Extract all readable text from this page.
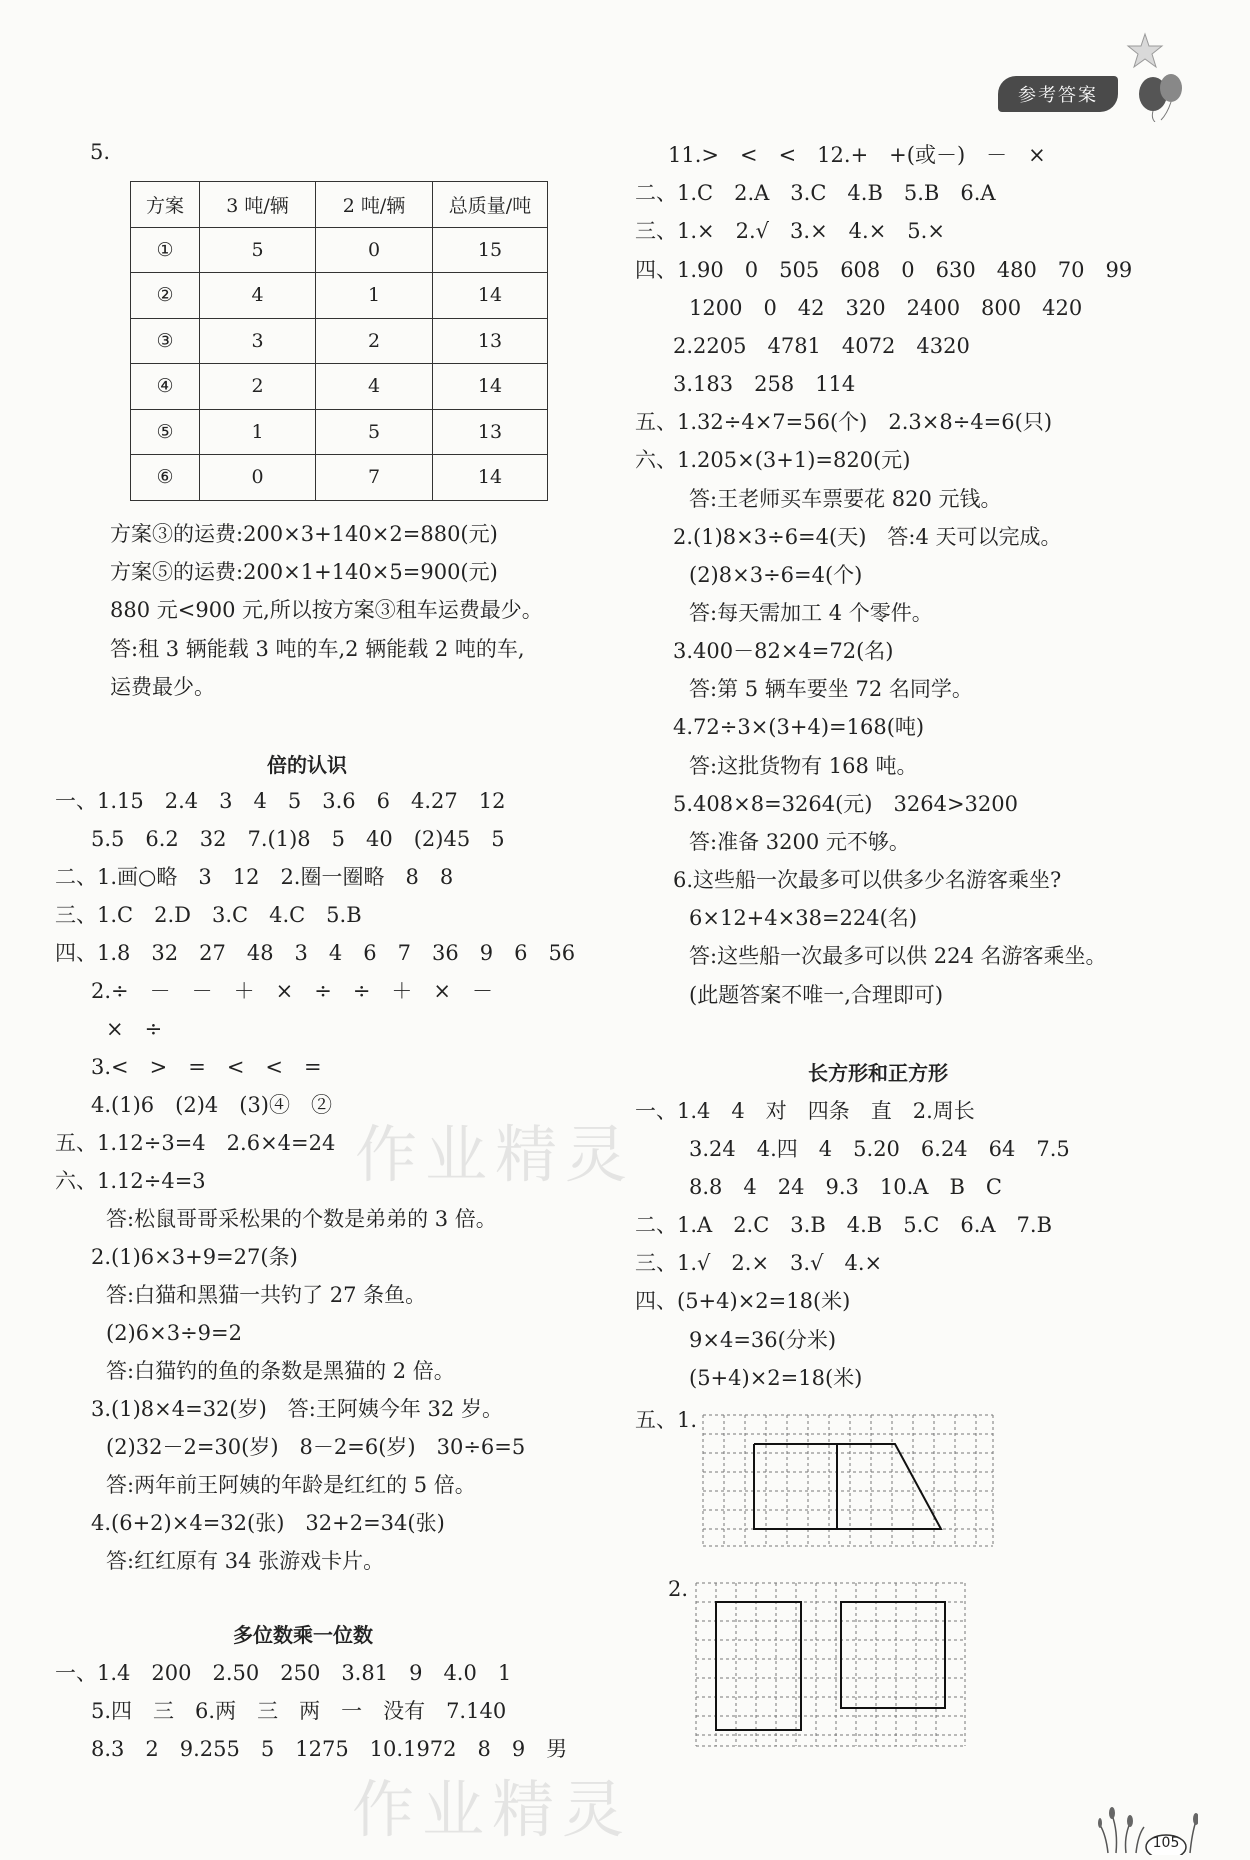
参考答案
作业精灵
作业精灵
5.
方案	3 吨/辆	2 吨/辆	总质量/吨
①	5	0	15
②	4	1	14
③	3	2	13
④	2	4	14
⑤	1	5	13
⑥	0	7	14
方案③的运费:200×3+140×2=880(元)
方案⑤的运费:200×1+140×5=900(元)
880 元<900 元,所以按方案③租车运费最少。
答:租 3 辆能载 3 吨的车,2 辆能载 2 吨的车,
运费最少。
倍的认识
一、1.15　2.4　3　4　5　3.6　6　4.27　12
　5.5　6.2　32　7.(1)8　5　40　(2)45　5
二、1.画○略　3　12　2.圈一圈略　8　8
三、1.C　2.D　3.C　4.C　5.B
四、1.8　32　27　48　3　4　6　7　36　9　6　56
　2.÷　－　－　＋　×　÷　÷　＋　×　－
　×　÷
　3.<　>　=　<　<　=
　4.(1)6　(2)4　(3)④　②
五、1.12÷3=4　2.6×4=24
六、1.12÷4=3
　答:松鼠哥哥采松果的个数是弟弟的 3 倍。
　2.(1)6×3+9=27(条)
　答:白猫和黑猫一共钓了 27 条鱼。
　(2)6×3÷9=2
　答:白猫钓的鱼的条数是黑猫的 2 倍。
　3.(1)8×4=32(岁)　答:王阿姨今年 32 岁。
　(2)32－2=30(岁)　8－2=6(岁)　30÷6=5
　答:两年前王阿姨的年龄是红红的 5 倍。
　4.(6+2)×4=32(张)　32+2=34(张)
　答:红红原有 34 张游戏卡片。
多位数乘一位数
一、1.4　200　2.50　250　3.81　9　4.0　1
　5.四　三　6.两　三　两　一　没有　7.140
　8.3　2　9.255　5　1275　10.1972　8　9　男
11.>　<　<　12.+　+(或－)　－　×
二、1.C　2.A　3.C　4.B　5.B　6.A
三、1.×　2.√　3.×　4.×　5.×
四、1.90　0　505　608　0　630　480　70　99
　1200　0　42　320　2400　800　420
　2.2205　4781　4072　4320
　3.183　258　114
五、1.32÷4×7=56(个)　2.3×8÷4=6(只)
六、1.205×(3+1)=820(元)
　答:王老师买车票要花 820 元钱。
　2.(1)8×3÷6=4(天)　答:4 天可以完成。
　(2)8×3÷6=4(个)
　答:每天需加工 4 个零件。
　3.400－82×4=72(名)
　答:第 5 辆车要坐 72 名同学。
　4.72÷3×(3+4)=168(吨)
　答:这批货物有 168 吨。
　5.408×8=3264(元)　3264>3200
　答:准备 3200 元不够。
　6.这些船一次最多可以供多少名游客乘坐?
　6×12+4×38=224(名)
　答:这些船一次最多可以供 224 名游客乘坐。
　(此题答案不唯一,合理即可)
长方形和正方形
一、1.4　4　对　四条　直　2.周长
　3.24　4.四　4　5.20　6.24　64　7.5
　8.8　4　24　9.3　10.A　B　C
二、1.A　2.C　3.B　4.B　5.C　6.A　7.B
三、1.√　2.×　3.√　4.×
四、(5+4)×2=18(米)
　9×4=36(分米)
　(5+4)×2=18(米)
五、1.
2.
105
